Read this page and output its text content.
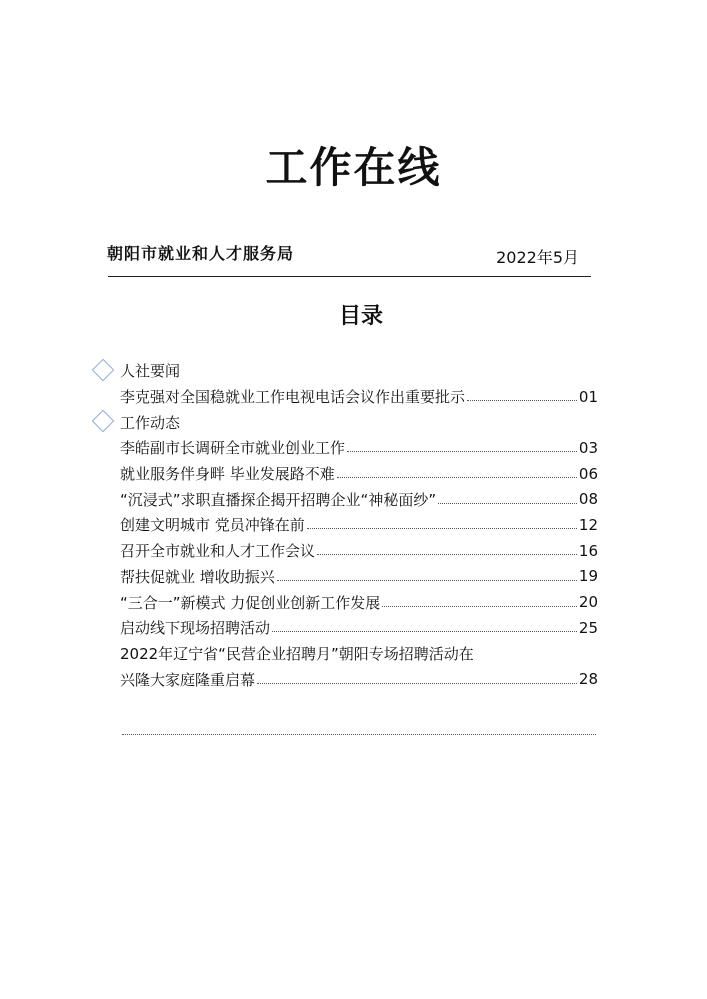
工作在线
朝阳市就业和人才服务局	2022年5月
目录
人社要闻
李克强对全国稳就业工作电视电话会议作出重要批示	01
工作动态
李皓副市长调研全市就业创业工作	03
就业服务伴身畔 毕业发展路不难	06
“沉浸式”求职直播探企揭开招聘企业“神秘面纱”	08
创建文明城市 党员冲锋在前	12
召开全市就业和人才工作会议	16
帮扶促就业 增收助振兴	19
“三合一”新模式 力促创业创新工作发展	20
启动线下现场招聘活动	25
2022年辽宁省“民营企业招聘月”朝阳专场招聘活动在
兴隆大家庭隆重启幕	28
